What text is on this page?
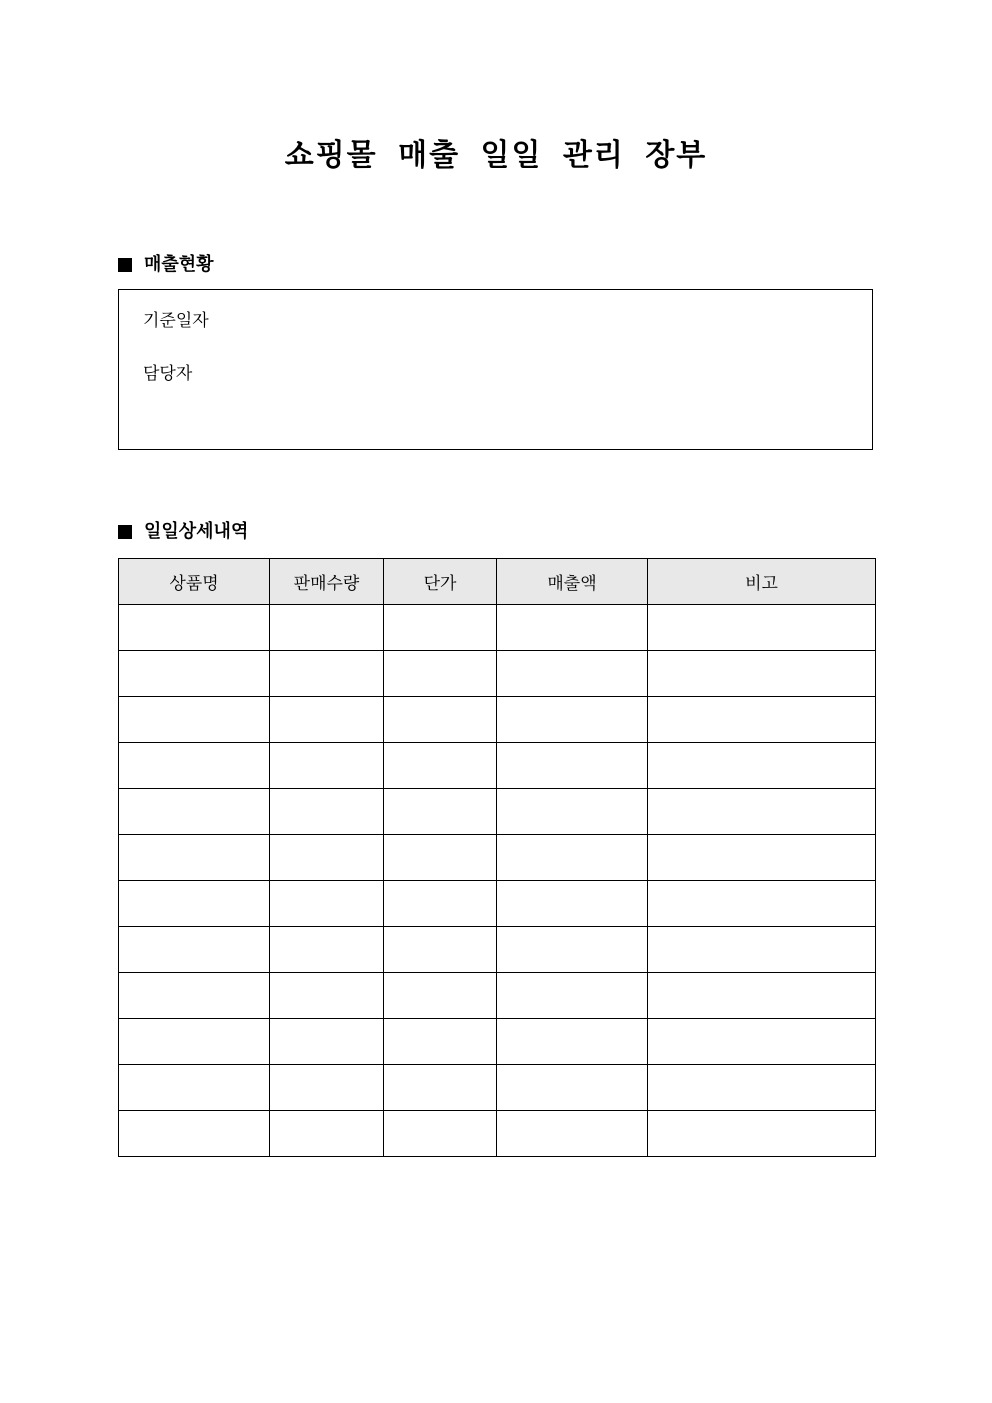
쇼핑몰 매출 일일 관리 장부
매출현황
기준일자
담당자
일일상세내역
상품명	판매수량	단가	매출액	비고
